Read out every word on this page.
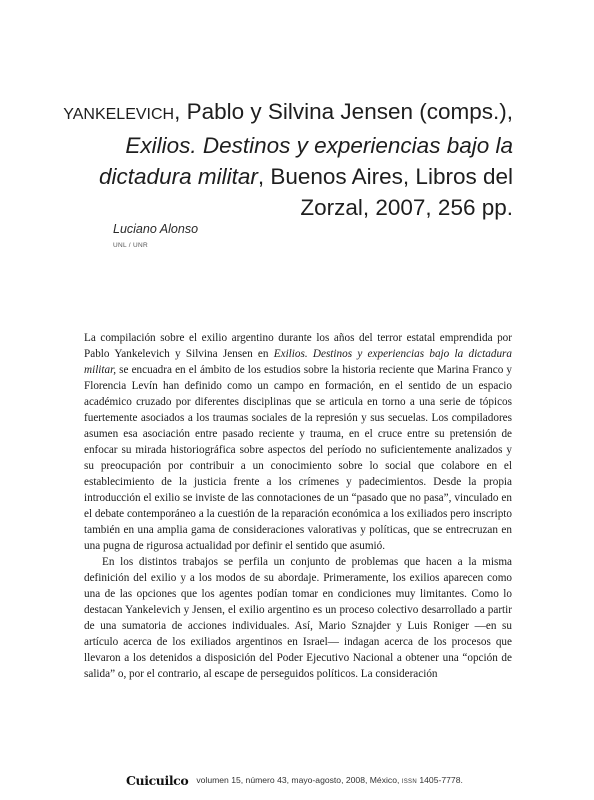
YANKELEVICH, Pablo y Silvina Jensen (comps.), Exilios. Destinos y experiencias bajo la dictadura militar, Buenos Aires, Libros del Zorzal, 2007, 256 pp.

Luciano Alonso

UNL / UNR

La compilación sobre el exilio argentino durante los años del terror estatal emprendida por Pablo Yankelevich y Silvina Jensen en Exilios. Destinos y experiencias bajo la dictadura militar, se encuadra en el ámbito de los estudios sobre la historia reciente que Marina Franco y Florencia Levín han definido como un campo en formación, en el sentido de un espacio académico cruzado por diferentes disciplinas que se articula en torno a una serie de tópicos fuertemente asociados a los traumas sociales de la represión y sus secuelas. Los compiladores asumen esa asociación entre pasado reciente y trauma, en el cruce entre su pretensión de enfocar su mirada historiográfica sobre aspectos del período no suficientemente analizados y su preocupación por contribuir a un conocimiento sobre lo social que colabore en el establecimiento de la justicia frente a los crímenes y padecimientos. Desde la propia introducción el exilio se inviste de las connotaciones de un “pasado que no pasa”, vinculado en el debate contemporáneo a la cuestión de la reparación económica a los exiliados pero inscripto también en una amplia gama de consideraciones valorativas y políticas, que se entrecruzan en una pugna de rigurosa actualidad por definir el sentido que asumió.

En los distintos trabajos se perfila un conjunto de problemas que hacen a la misma definición del exilio y a los modos de su abordaje. Primeramente, los exilios aparecen como una de las opciones que los agentes podían tomar en condiciones muy limitantes. Como lo destacan Yankelevich y Jensen, el exilio argentino es un proceso colectivo desarrollado a partir de una sumatoria de acciones individuales. Así, Mario Sznajder y Luis Roniger —en su artículo acerca de los exiliados argentinos en Israel— indagan acerca de los procesos que llevaron a los detenidos a disposición del Poder Ejecutivo Nacional a obtener una “opción de salida” o, por el contrario, al escape de perseguidos políticos. La consideración

Cuicuilco volumen 15, número 43, mayo-agosto, 2008, México, ISSN 1405-7778.
